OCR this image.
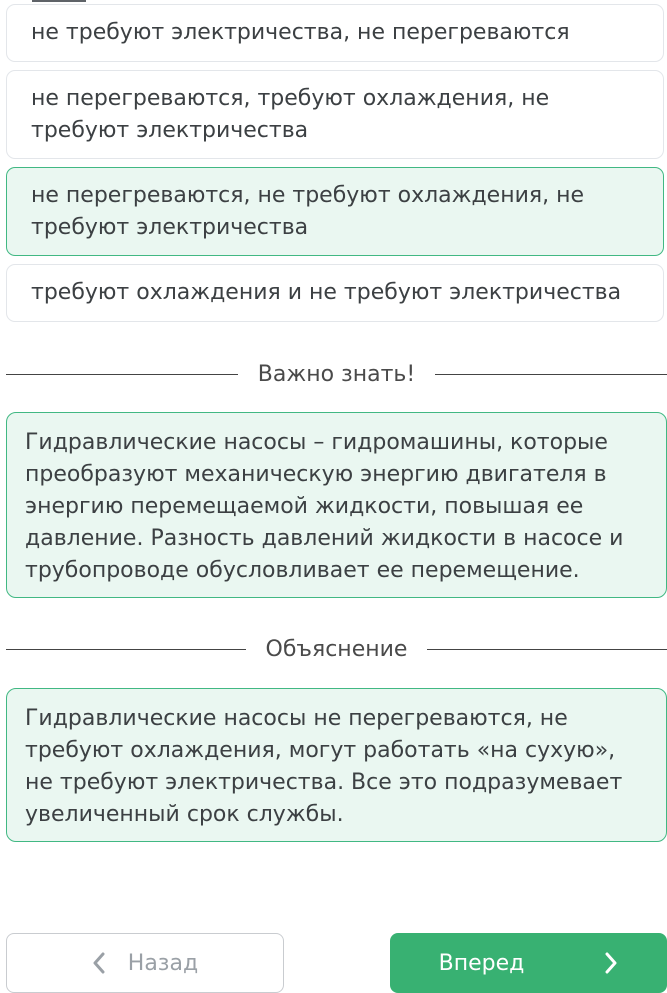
не требуют электричества, не перегреваются
не перегреваются, требуют охлаждения, не требуют электричества
не перегреваются, не требуют охлаждения, не требуют электричества
требуют охлаждения и не требуют электричества
Важно знать!
Гидравлические насосы – гидромашины, которые преобразуют механическую энергию двигателя в энергию перемещаемой жидкости, повышая ее давление. Разность давлений жидкости в насосе и трубопроводе обусловливает ее перемещение.
Объяснение
Гидравлические насосы не перегреваются, не требуют охлаждения, могут работать «на сухую», не требуют электричества. Все это подразумевает увеличенный срок службы.
Назад	Вперед
